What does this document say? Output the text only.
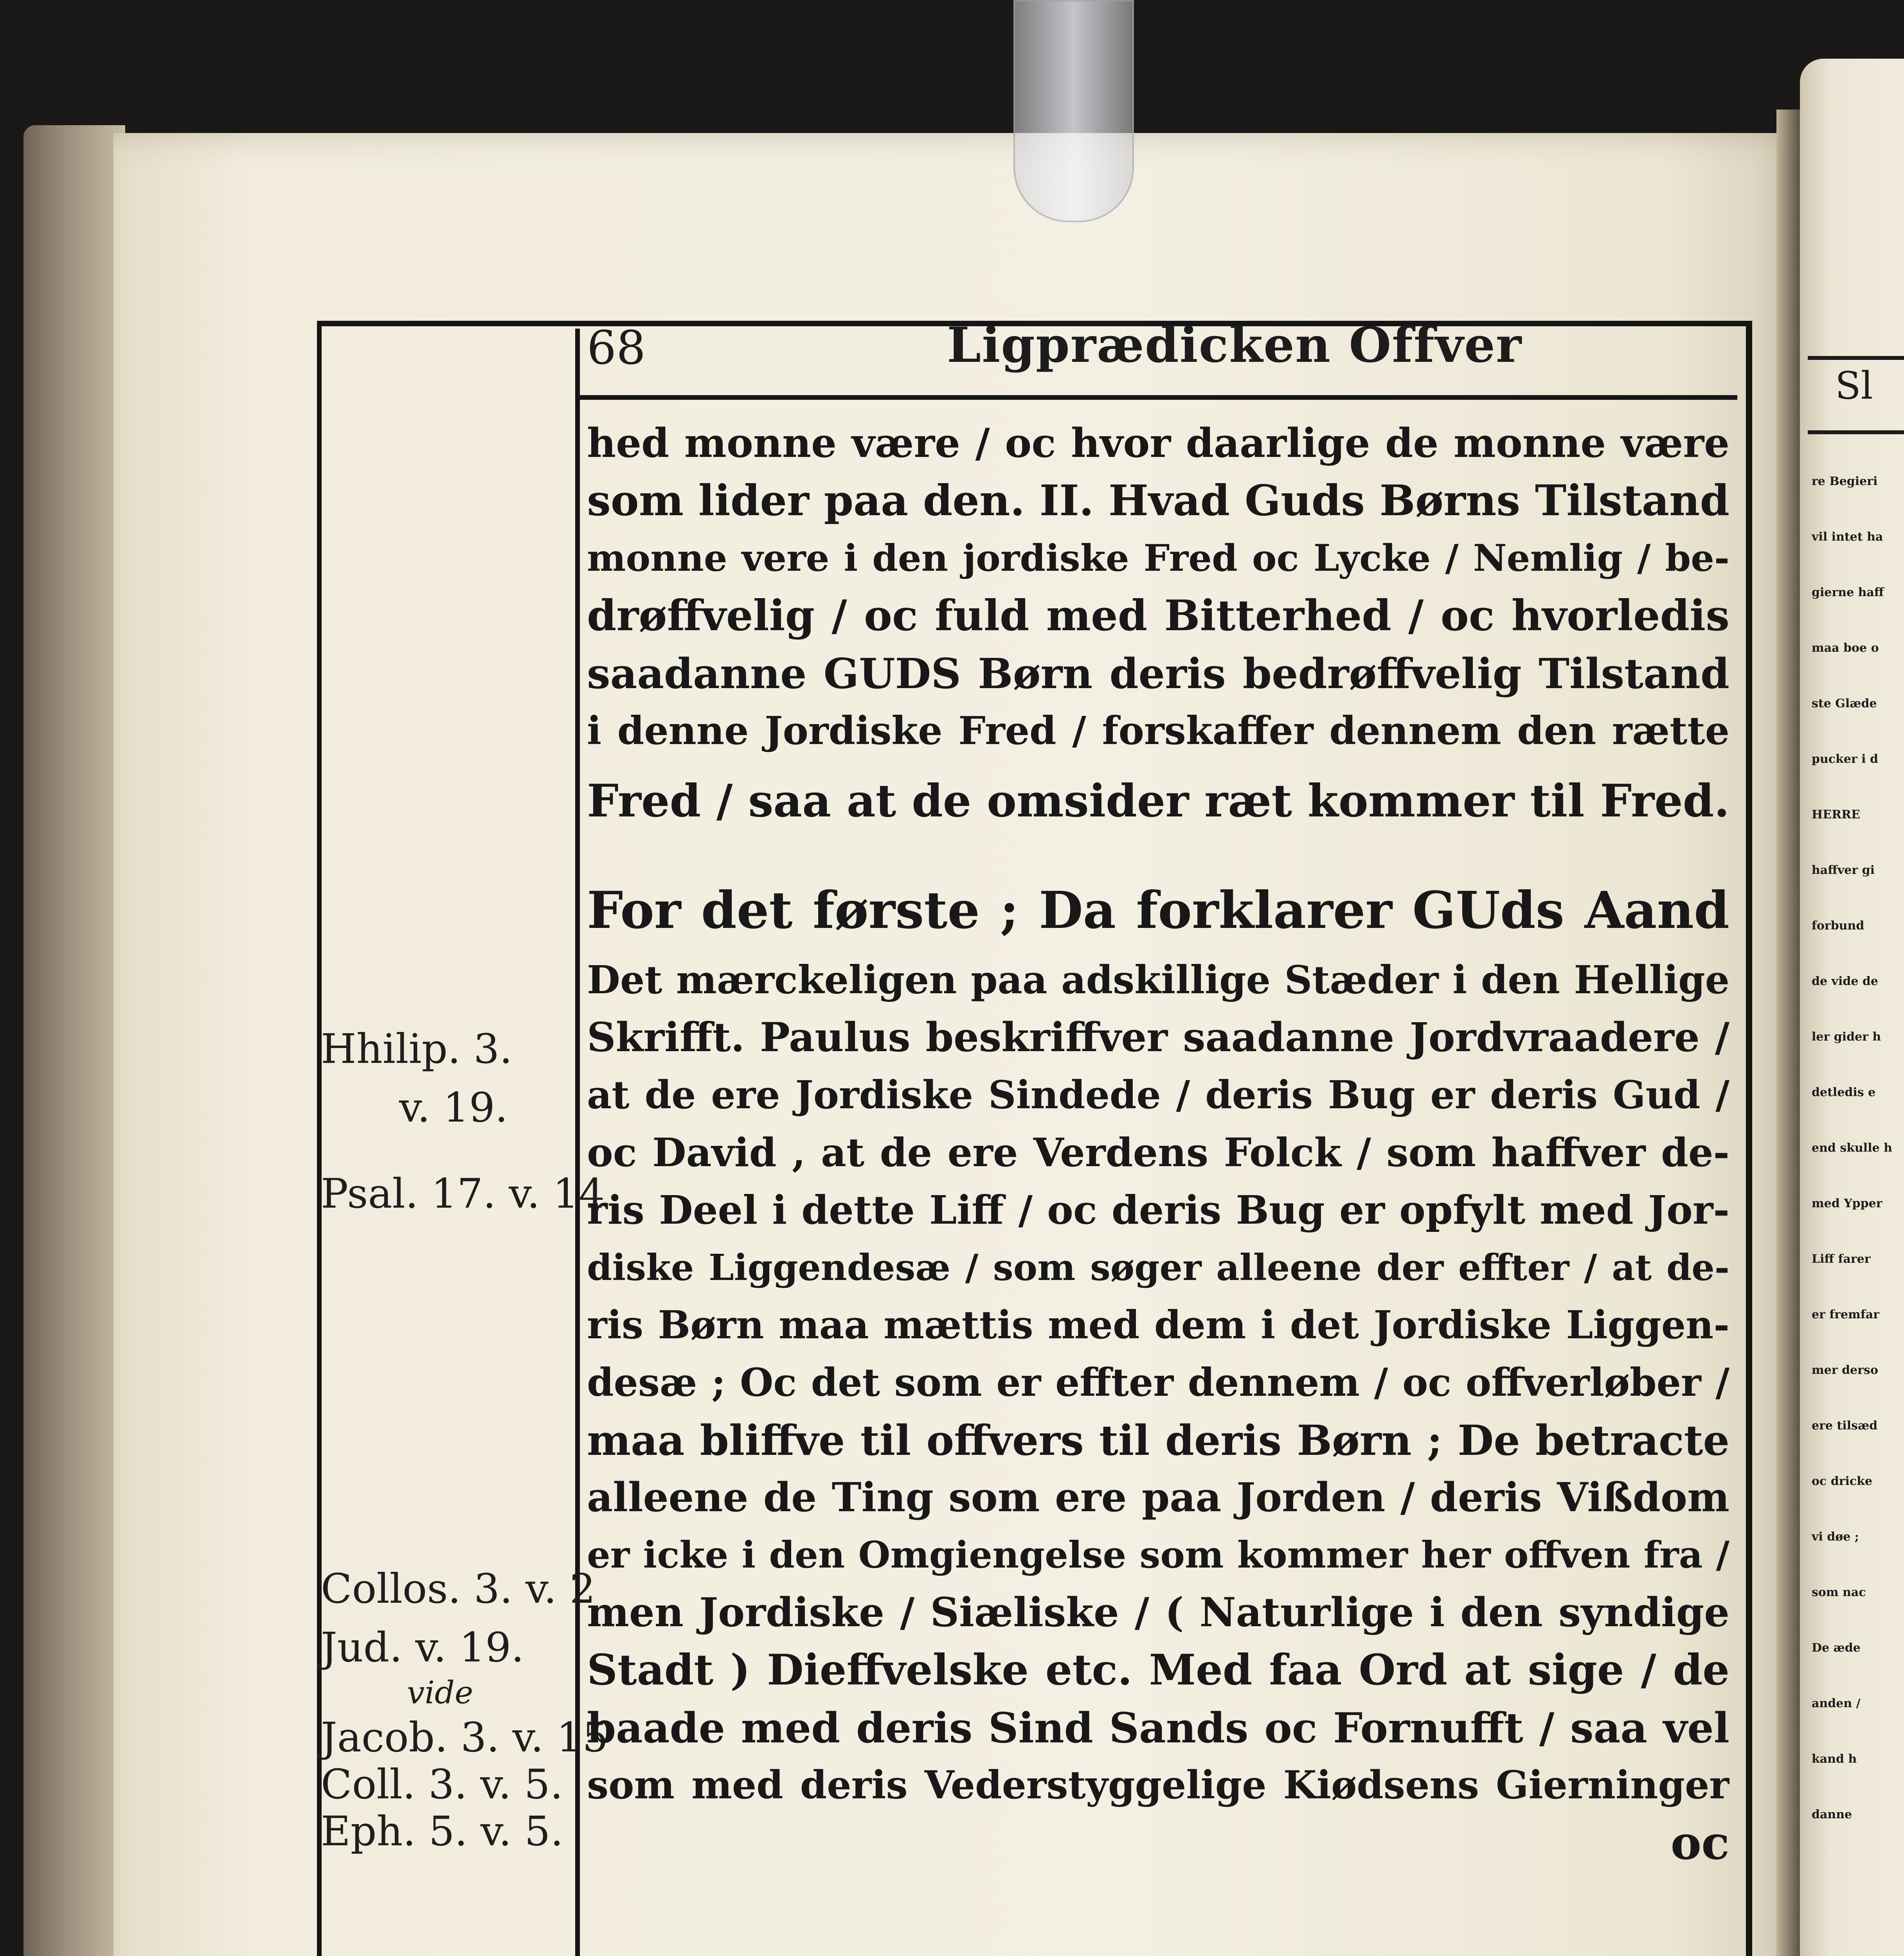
Sl
re Begieri
vil intet ha
gierne haff
maa boe o
ste Glæde
pucker i d
HERRE
haffver gi
forbund
de vide de
ler gider h
detledis e
end skulle h
med Ypper
Liff farer
er fremfar
mer derso
ere tilsæd
oc dricke
vi døe ;
som nac
De æde
anden /
kand h
danne
68	Ligprædicken Offver
Hhilip. 3.
v. 19.
Psal. 17. v. 14
Collos. 3. v. 2
Jud. v. 19.
vide
Jacob. 3. v. 15
Coll. 3. v. 5.
Eph. 5. v. 5.
hed monne være / oc hvor daarlige de monne være
som lider paa den. II. Hvad Guds Børns Tilstand
monne vere i den jordiske Fred oc Lycke / Nemlig / be-
drøffvelig / oc fuld med Bitterhed / oc hvorledis
saadanne GUDS Børn deris bedrøffvelig Tilstand
i denne Jordiske Fred / forskaffer dennem den rætte
Fred / saa at de omsider ræt kommer til Fred.
For det første ; Da forklarer GUds Aand
Det mærckeligen paa adskillige Stæder i den Hellige
Skrifft. Paulus beskriffver saadanne Jordvraadere /
at de ere Jordiske Sindede / deris Bug er deris Gud /
oc David , at de ere Verdens Folck / som haffver de-
ris Deel i dette Liff / oc deris Bug er opfylt med Jor-
diske Liggendesæ / som søger alleene der effter / at de-
ris Børn maa mættis med dem i det Jordiske Liggen-
desæ ; Oc det som er effter dennem / oc offverløber /
maa bliffve til offvers til deris Børn ; De betracte
alleene de Ting som ere paa Jorden / deris Vißdom
er icke i den Omgiengelse som kommer her offven fra /
men Jordiske / Siæliske / ( Naturlige i den syndige
Stadt ) Dieffvelske etc. Med faa Ord at sige / de
baade med deris Sind Sands oc Fornufft / saa vel
som med deris Vederstyggelige Kiødsens Gierninger
oc
